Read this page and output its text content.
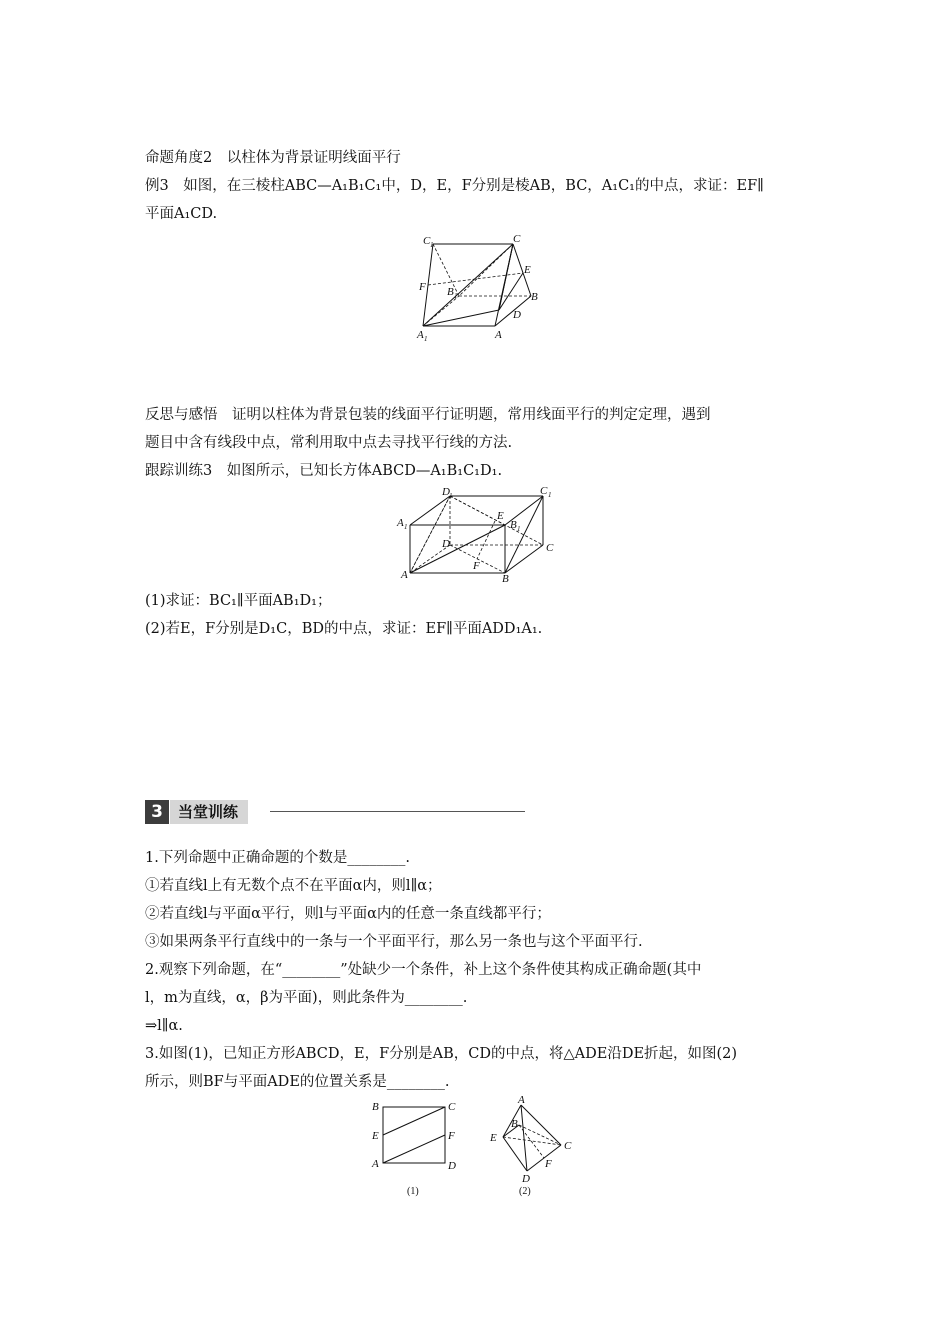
命题角度2　以柱体为背景证明线面平行
例3　如图，在三棱柱ABC—A₁B₁C₁中，D，E，F分别是棱AB，BC，A₁C₁的中点，求证：EF∥
平面A₁CD.
C 1	C
E
F B 1	B
D
A 1	A
反思与感悟　证明以柱体为背景包装的线面平行证明题，常用线面平行的判定定理，遇到
题目中含有线段中点，常利用取中点去寻找平行线的方法.
跟踪训练3　如图所示，已知长方体ABCD—A₁B₁C₁D₁.
D 1	C 1
A 1
E
B 1
D	C
F
A	B
(1)求证：BC₁∥平面AB₁D₁；
(2)若E，F分别是D₁C，BD的中点，求证：EF∥平面ADD₁A₁.
3	当堂训练
1.下列命题中正确命题的个数是________.
①若直线l上有无数个点不在平面α内，则l∥α；
②若直线l与平面α平行，则l与平面α内的任意一条直线都平行；
③如果两条平行直线中的一条与一个平面平行，那么另一条也与这个平面平行.
2.观察下列命题，在“________”处缺少一个条件，补上这个条件使其构成正确命题(其中
l，m为直线，α，β为平面)，则此条件为________.
⇒l∥α.
3.如图(1)，已知正方形ABCD，E，F分别是AB，CD的中点，将△ADE沿DE折起，如图(2)
所示，则BF与平面ADE的位置关系是________.
B	C
E	F
A	D
(1)
A
B
E
C
D
F
(2)
